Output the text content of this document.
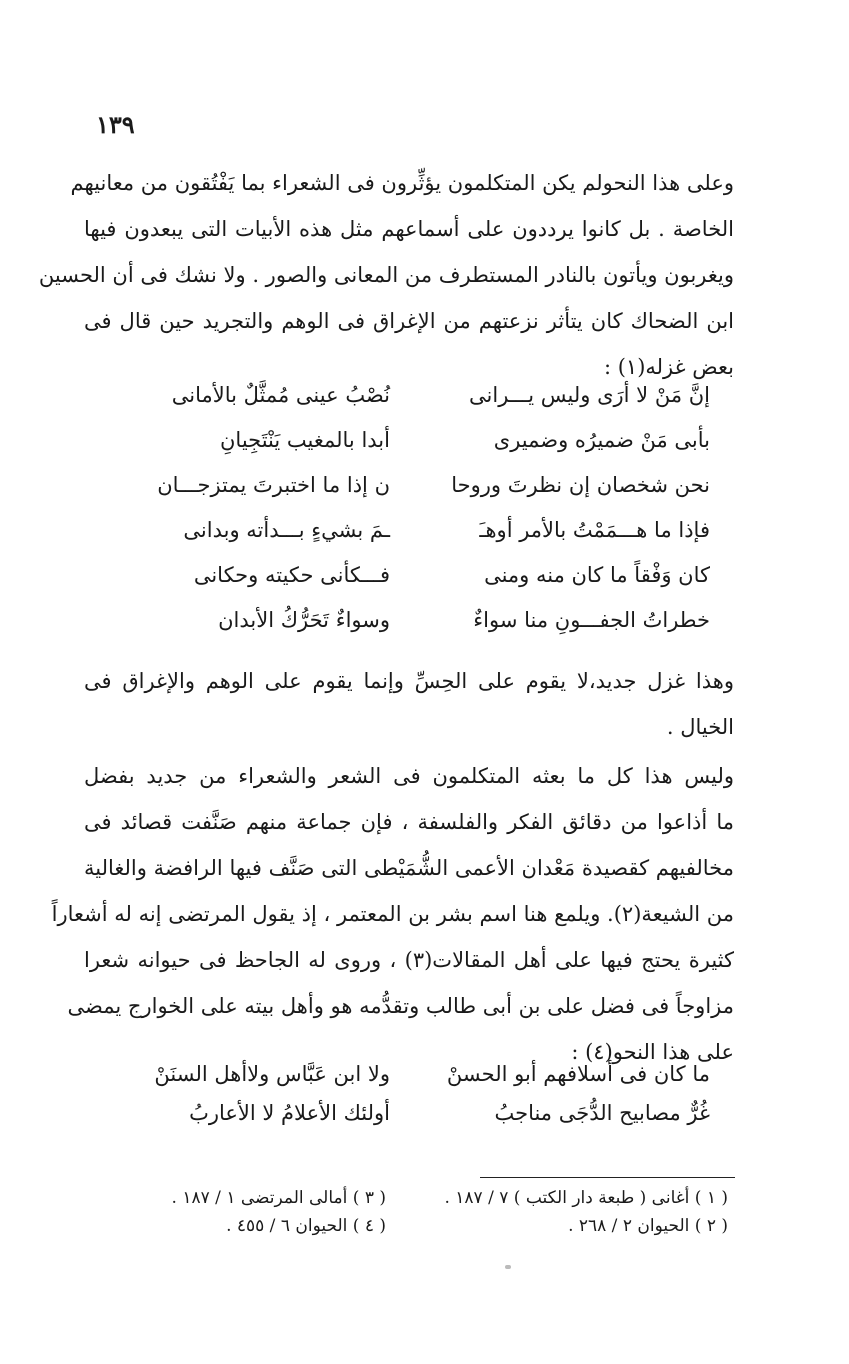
١٣٩
وعلى هذا النحولم يكن المتكلمون يؤثِّرون فى الشعراء بما يَفْتُقون من معانيهم
الخاصة . بل كانوا يرددون على أسماعهم مثل هذه الأبيات التى يبعدون فيها
ويغربون ويأتون بالنادر المستطرف من المعانى والصور . ولا نشك فى أن الحسين
ابن الضحاك كان يتأثر نزعتهم من الإغراق فى الوهم والتجريد حين قال فى
بعض غزله(١) :
إنَّ مَنْ لا أرَى وليس يـــرانى
نُصْبُ عينى مُمثَّلٌ بالأمانى
بأبى مَنْ ضميرُه وضميرى
أبدا بالمغيب يَنْتَجِيانِ
نحن شخصان إن نظرتَ وروحا
ن إذا ما اختبرتَ يمتزجـــان
فإذا ما هـــمَمْتُ بالأمر أوهـَ
ـمَ بشيءٍ بـــدأته وبدانى
كان وَفْقاً ما كان منه ومنى
فـــكأنى حكيته وحكانى
خطراتُ الجفـــونِ منا سواءٌ
وسواءٌ تَحَرُّكُ الأبدان
وهذا غزل جديد،لا يقوم على الحِسِّ وإنما يقوم على الوهم والإغراق فى
الخيال .
وليس هذا كل ما بعثه المتكلمون فى الشعر والشعراء من جديد بفضل
ما أذاعوا من دقائق الفكر والفلسفة ، فإن جماعة منهم صَنَّفت قصائد فى
مخالفيهم كقصيدة مَعْدان الأعمى الشُّمَيْطى التى صَنَّف فيها الرافضة والغالية
من الشيعة(٢). ويلمع هنا اسم بشر بن المعتمر ، إذ يقول المرتضى إنه له أشعاراً
كثيرة يحتج فيها على أهل المقالات(٣) ، وروى له الجاحظ فى حيوانه شعرا
مزاوجاً فى فضل على بن أبى طالب وتقدُّمه هو وأهل بيته على الخوارج يمضى
على هذا النحو(٤) :
ما كان فى أسلافهم أبو الحسنْ
ولا ابن عَبَّاس ولاأهل السنَنْ
غُرٌّ مصابيح الدُّجَى مناجبُ
أولئك الأعلامُ لا الأعاربُ
( ١ ) أغانى ( طبعة دار الكتب ) ٧ / ١٨٧ .
( ٢ ) الحيوان ٢ / ٢٦٨ .
( ٣ ) أمالى المرتضى ١ / ١٨٧ .
( ٤ ) الحيوان ٦ / ٤٥٥ .
